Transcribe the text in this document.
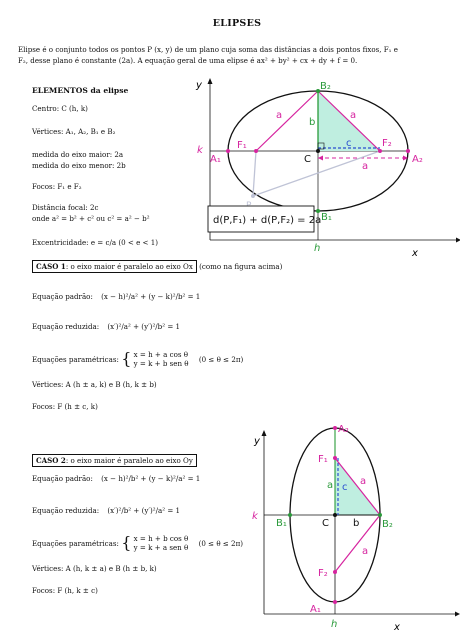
ELIPSES
Elipse é o conjunto todos os pontos P (x, y) de um plano cuja soma das distâncias a dois pontos fixos, F₁ e
F₂, desse plano é constante (2a). A equação geral de uma elipse é ax² + by² + cx + dy + f = 0.
ELEMENTOS da elipse
Centro: C (h, k)
Vértices: A₁, A₂, B₁ e B₂
medida do eixo maior: 2a
medida do eixo menor: 2b
Focos: F₁ e F₂
Distância focal: 2c
onde a² = b² + c² ou c² = a² − b²
Excentricidade: e = c/a (0 < e < 1)
y
x
k
h
A₁	A₂
B₂
B₁
F₁	F₂
C
a	a
a
b
c
d(P,F₁) + d(P,F₂) = 2a
CASO 1: o eixo maior é paralelo ao eixo Ox (como na figura acima)
Equação padrão: (x − h)²/a² + (y − k)²/b² = 1
Equação reduzida: (x′)²/a² + (y′)²/b² = 1
Equações paramétricas: { x = h + a cos θ
y = k + b sen θ (0 ≤ θ ≤ 2π)
Vértices: A (h ± a, k) e B (h, k ± b)
Focos: F (h ± c, k)
CASO 2: o eixo maior é paralelo ao eixo Oy
Equação padrão: (x − h)²/b² + (y − k)²/a² = 1
Equação reduzida: (x′)²/b² + (y′)²/a² = 1
Equações paramétricas: { x = h + b cos θ
y = k + a sen θ (0 ≤ θ ≤ 2π)
Vértices: A (h, k ± a) e B (h ± b, k)
Focos: F (h, k ± c)
y
x
k
h
A₂
A₁
B₁	B₂
F₁
F₂
C
a c
a
b
a
